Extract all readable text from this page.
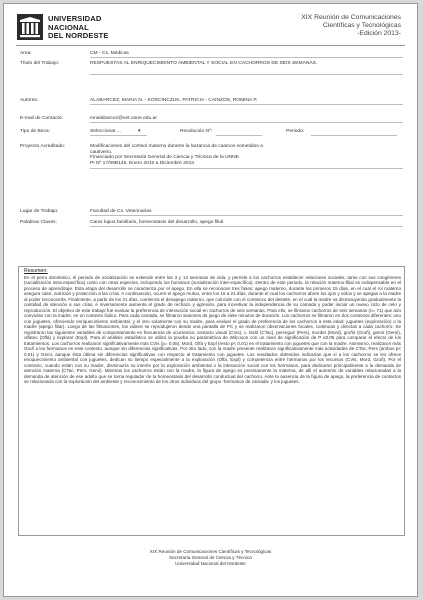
UNIVERSIDAD
NACIONAL
DEL NORDESTE
XIX Reunión de Comunicaciones
Científicas y Tecnológicas
-Edición 2013-
Area:	CM - Cs. Médicas
Título del Trabajo:	RESPUESTAS AL ENRIQUECIMIENTO AMBIENTAL Y SOCIAL EN CACHORROS DE SEIS SEMANAS.
Autores:	ALABARCEZ, MARIA N. - KOSCINCZUK, PATRICIA - CAINZOS, ROMINA P.
E-mail de Contacto:	mnalabarcez@vet.unne.edu.ar
Tipo de Beca:	Seleccionar ...	▾	Resolución Nº:	Periodo:
Proyecto Acreditado:	Modificaciones del cortisol materno durante la lactancia de caninos sometidos a
cautiverio.
Financiado por Secretaría General de Ciencia y Técnica de la UNNE.
PI Nº 17/09B146. Enero 2010 a Diciembre 2013.
Lugar de Trabajo:	Facultad de Cs. Veterinarias
Palabras Claves:	Canis lupus familiaris, homeostasis del desarrollo, apego filial.
Resumen:
En el perro doméstico, el periodo de socialización se extiende entre las 3 y 12 semanas de vida, y permite a los cachorros establecer relaciones sociales, tanto con sus congéneres (socialización intra-específica) como con otras especies, incluyendo los humanos (socialización inter-específica). Dentro de este periodo, la relación materno-filial es indispensable en el proceso de aprendizaje. Esta etapa del desarrollo se caracteriza por el apego. En ella se reconocen tres fases: apego materno, durante los primeros 15 días, en el cual el rol materno asegura calor, nutrición y protección a las crías. A continuación, ocurre el apego mutuo, entre los 15 a 21 días, durante el cual los cachorros abren los ojos y oídos y se apegan a la madre al poder reconocerla. Finalmente, a partir de los 21 días, comienza el desapego materno, que coincide con el comienzo del destete, en el cual la madre va disminuyendo gradualmente la cantidad de atención a sus crías, e inversamente aumenta el grado de rechazo y agresión, para incentivar la independencia de su camada y poder iniciar un nuevo ciclo de celo y reproducción. El objetivo de este trabajo fue evaluar la preferencia de interacción social en cachorros de seis semanas. Para ello, se filmaron cachorros de seis semanas (n= 71) que aún convivían con la madre, en un contexto lúdico. Para cada camada, se filmaron sesiones de juego de siete minutos de duración. Los cachorros se filmaron en dos contextos diferentes: uno con juguetes, ofreciendo enriquecimiento ambiental, y el otro solamente con su madre, para evaluar el grado de preferencia de los cachorros a esta edad: juguetes (exploración) o la madre (apego filiar). Luego de las filmaciones, los videos se reprodujeron desde una pantalla de PC y se realizaron observaciones focales, continuas y directas a cada cachorro. Se registraron las siguientes variables de comportamiento en frecuencia de ocurrencia: contacto visual (CVis), c. táctil (CTac), perseguir (Pers), morder (Mord), gruñir (Gruñ), gemir (Gemi), olfateo (Olfa) y explorar (Expl). Para el análisis estadístico se utilizó la prueba no paramétrica de Wilcoxon con un nivel de significación de P ≤0,05 para comparar el efecto de los tratamientos. Los cachorros realizaron significativamente más CVis (p= 0,05), Mord, Olfa y Expl (resto p< 0,01) en el tratamiento con juguetes que con la madre. Asimismo, realizaron más Gruñ a los hermanos en este contexto, aunque sin diferencias significativas. Por otro lado, con la madre presente realizaron significativamente más actividades de CTac, Pers (ambos p< 0,01) y Gemi, aunque ésta última sin diferencias significativas con respecto al tratamiento con juguetes. Los resultados obtenidos indicarían que si a los cachorros se les ofrece enriquecimiento ambiental con juguetes, dedican su tiempo especialmente a la exploración (Olfa, Expl) y competencia entre hermanos por los recursos (CVis, Mord, Gruñ). Por el contrario, cuando están con su madre, disminuiría su interés por la exploración ambiental o la interacción social con los hermanos, para dedicarse principalmente a la demanda de atención materna (CTac, Pers, Gemi). Mientras los cachorros están con la madre, la figura de apego es precisamente la materna, de allí el aumento de variables relacionadas a la demanda de atención de ese adulto que se torna regulador de la homeostasis del desarrollo conductual del cachorro. Ante la ausencia de la figura de apego, la preferencia de contactos se relacionaría con la exploración del ambiente y reconocimiento de los otros individuos del grupo -hermanos de camada- y los juguetes.
XIX Reunión de Comunicaciones Científicas y Tecnológicas
Secretaría General de Ciencia y Técnica
Universidad Nacional del Nordeste
